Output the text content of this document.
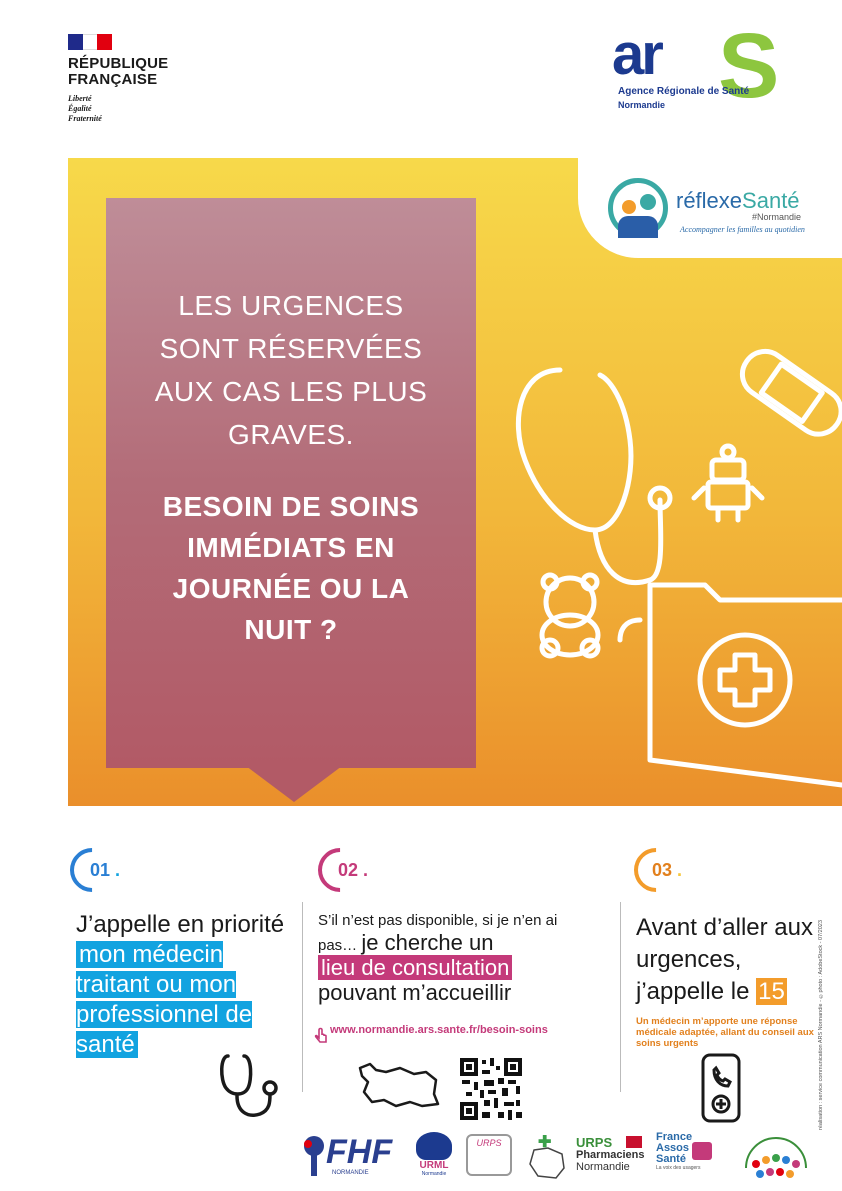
RÉPUBLIQUE
FRANÇAISE
Liberté
Égalité
Fraternité
ar S
Agence Régionale de Santé
Normandie
réflexeSanté
#Normandie
Accompagner les familles au quotidien
LES URGENCES SONT RÉSERVÉES AUX CAS LES PLUS GRAVES.
BESOIN DE SOINS IMMÉDIATS EN JOURNÉE OU LA NUIT ?
01 .
J’appelle en priorité mon médecin traitant ou mon professionnel de santé
02 .
S’il n’est pas disponible, si je n’en ai pas… je cherche un
lieu de consultation
pouvant m’accueillir
www.normandie.ars.sante.fr/besoin-soins
03 .
Avant d’aller aux urgences, j’appelle le 15
Un médecin m’apporte une réponse médicale adaptée, allant du conseil aux soins urgents	réalisation : service communication ARS Normandie - ©photo : AdobeStock - 07/2023
FHF
NORMANDIE
URML
Normandie
URPS	✚ URPS
Pharmaciens
Normandie
France
Assos
Santé
La voix des usagers
